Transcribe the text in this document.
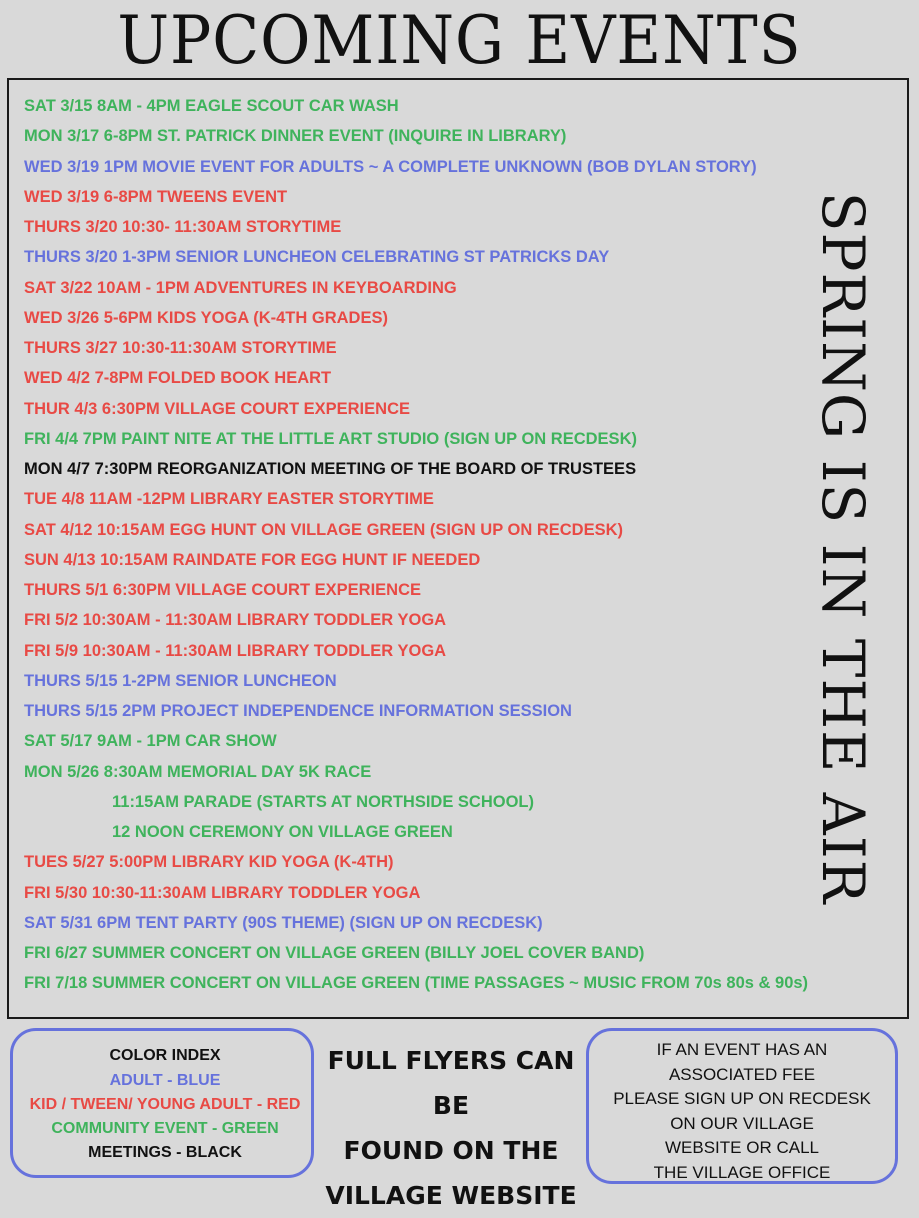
UPCOMING EVENTS
SAT 3/15 8AM - 4PM EAGLE SCOUT CAR WASH
MON 3/17 6-8PM ST. PATRICK DINNER EVENT (INQUIRE IN LIBRARY)
WED 3/19 1PM MOVIE EVENT FOR ADULTS ~ A COMPLETE UNKNOWN (BOB DYLAN STORY)
WED 3/19 6-8PM TWEENS EVENT
THURS 3/20 10:30- 11:30AM STORYTIME
THURS 3/20 1-3PM SENIOR LUNCHEON CELEBRATING ST PATRICKS DAY
SAT 3/22 10AM - 1PM ADVENTURES IN KEYBOARDING
WED 3/26 5-6PM KIDS YOGA (K-4TH GRADES)
THURS 3/27 10:30-11:30AM STORYTIME
WED 4/2 7-8PM FOLDED BOOK HEART
THUR 4/3 6:30PM VILLAGE COURT EXPERIENCE
FRI 4/4 7PM PAINT NITE AT THE LITTLE ART STUDIO (SIGN UP ON RECDESK)
MON 4/7 7:30PM REORGANIZATION MEETING OF THE BOARD OF TRUSTEES
TUE 4/8 11AM -12PM LIBRARY EASTER STORYTIME
SAT 4/12 10:15AM EGG HUNT ON VILLAGE GREEN (SIGN UP ON RECDESK)
SUN 4/13 10:15AM RAINDATE FOR EGG HUNT IF NEEDED
THURS 5/1 6:30PM VILLAGE COURT EXPERIENCE
FRI 5/2 10:30AM - 11:30AM LIBRARY TODDLER YOGA
FRI 5/9 10:30AM - 11:30AM LIBRARY TODDLER YOGA
THURS 5/15 1-2PM SENIOR LUNCHEON
THURS 5/15 2PM PROJECT INDEPENDENCE INFORMATION SESSION
SAT 5/17 9AM - 1PM CAR SHOW
MON 5/26 8:30AM MEMORIAL DAY 5K RACE
11:15AM PARADE (STARTS AT NORTHSIDE SCHOOL)
12 NOON CEREMONY ON VILLAGE GREEN
TUES 5/27 5:00PM LIBRARY KID YOGA (K-4TH)
FRI 5/30 10:30-11:30AM LIBRARY TODDLER YOGA
SAT 5/31 6PM TENT PARTY (90S THEME) (SIGN UP ON RECDESK)
FRI 6/27 SUMMER CONCERT ON VILLAGE GREEN (BILLY JOEL COVER BAND)
FRI 7/18 SUMMER CONCERT ON VILLAGE GREEN (TIME PASSAGES ~ MUSIC FROM 70s 80s & 90s)
SPRING IS IN THE AIR
COLOR INDEX
ADULT - BLUE
KID / TWEEN/ YOUNG ADULT - RED
COMMUNITY EVENT - GREEN
MEETINGS - BLACK
FULL FLYERS CAN BE
FOUND ON THE
VILLAGE WEBSITE
IF AN EVENT HAS AN
ASSOCIATED FEE
PLEASE SIGN UP ON RECDESK
ON OUR VILLAGE
WEBSITE OR CALL
THE VILLAGE OFFICE
